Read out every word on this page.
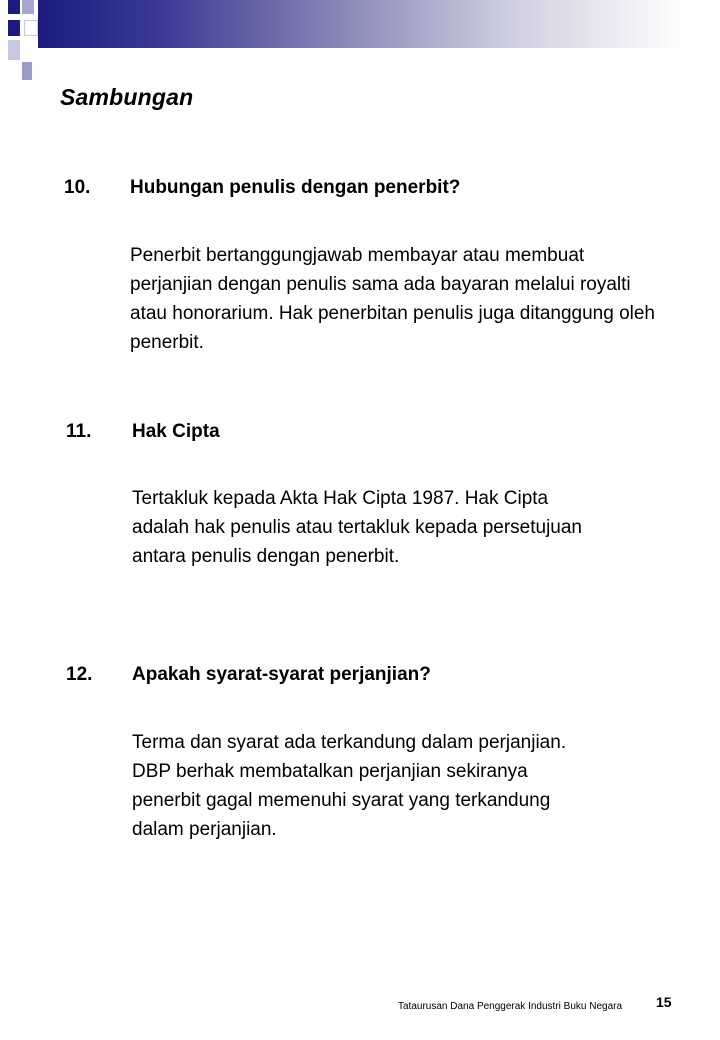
Sambungan
10. Hubungan penulis dengan penerbit?

Penerbit bertanggungjawab membayar atau membuat perjanjian dengan penulis sama ada bayaran melalui royalti atau honorarium. Hak penerbitan penulis juga ditanggung oleh penerbit.

11. Hak Cipta

Tertakluk kepada Akta Hak Cipta 1987. Hak Cipta adalah hak penulis atau tertakluk kepada persetujuan antara penulis dengan penerbit.

12. Apakah syarat-syarat perjanjian?

Terma dan syarat ada terkandung dalam perjanjian. DBP berhak membatalkan perjanjian sekiranya penerbit gagal memenuhi syarat yang terkandung dalam perjanjian.

Tataurusan Dana Penggerak Industri Buku Negara 15
